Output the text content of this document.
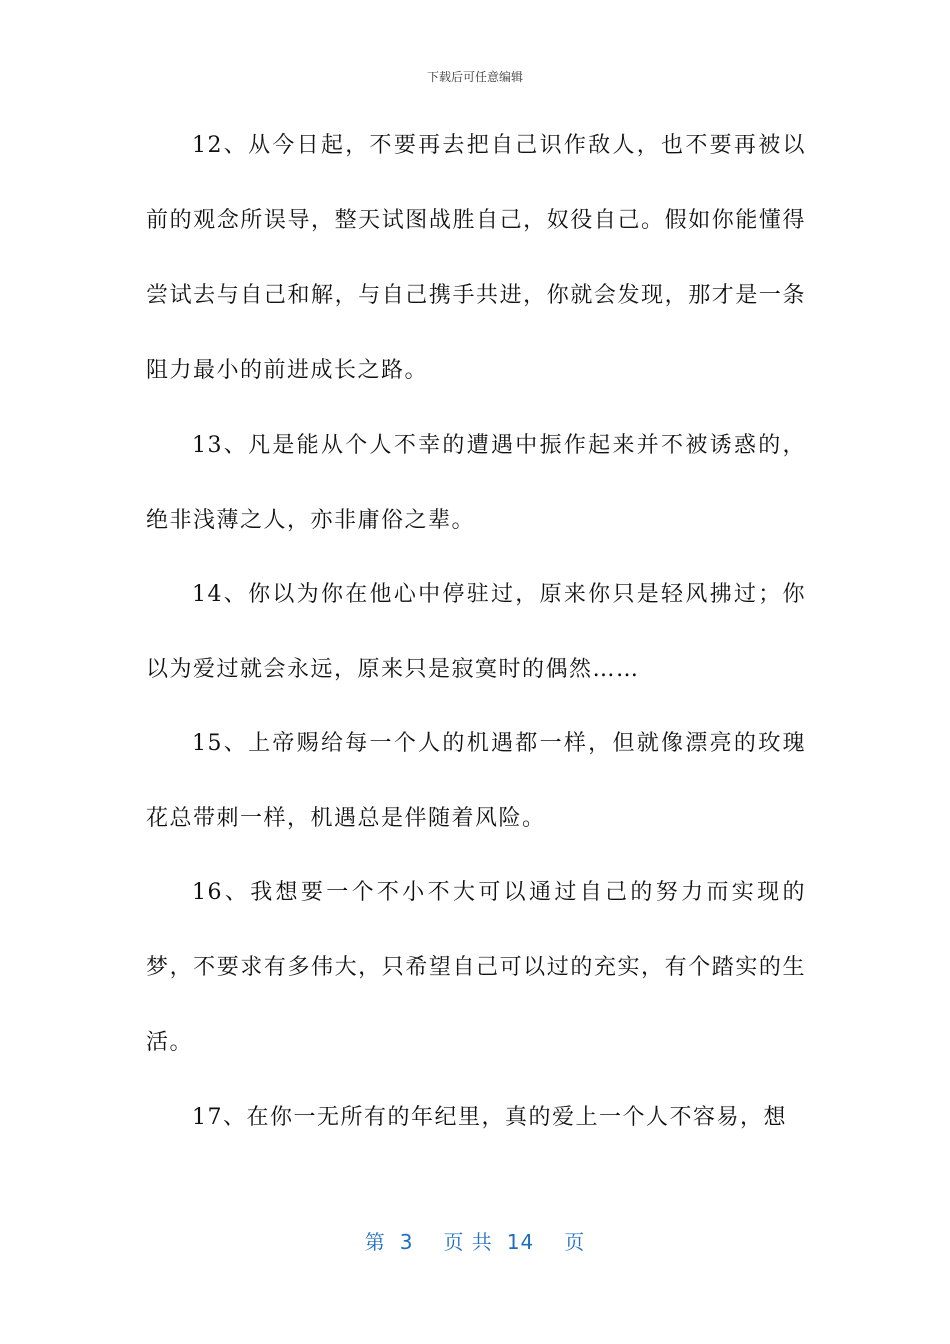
下载后可任意编辑

12、从今日起，不要再去把自己识作敌人，也不要再被以前的观念所误导，整天试图战胜自己，奴役自己。假如你能懂得尝试去与自己和解，与自己携手共进，你就会发现，那才是一条阻力最小的前进成长之路。

13、凡是能从个人不幸的遭遇中振作起来并不被诱惑的，绝非浅薄之人，亦非庸俗之辈。

14、你以为你在他心中停驻过，原来你只是轻风拂过；你以为爱过就会永远，原来只是寂寞时的偶然……

15、上帝赐给每一个人的机遇都一样，但就像漂亮的玫瑰花总带刺一样，机遇总是伴随着风险。

16、我想要一个不小不大可以通过自己的努力而实现的梦，不要求有多伟大，只希望自己可以过的充实，有个踏实的生活。

17、在你一无所有的年纪里，真的爱上一个人不容易，想

第 3 页 共 14 页
